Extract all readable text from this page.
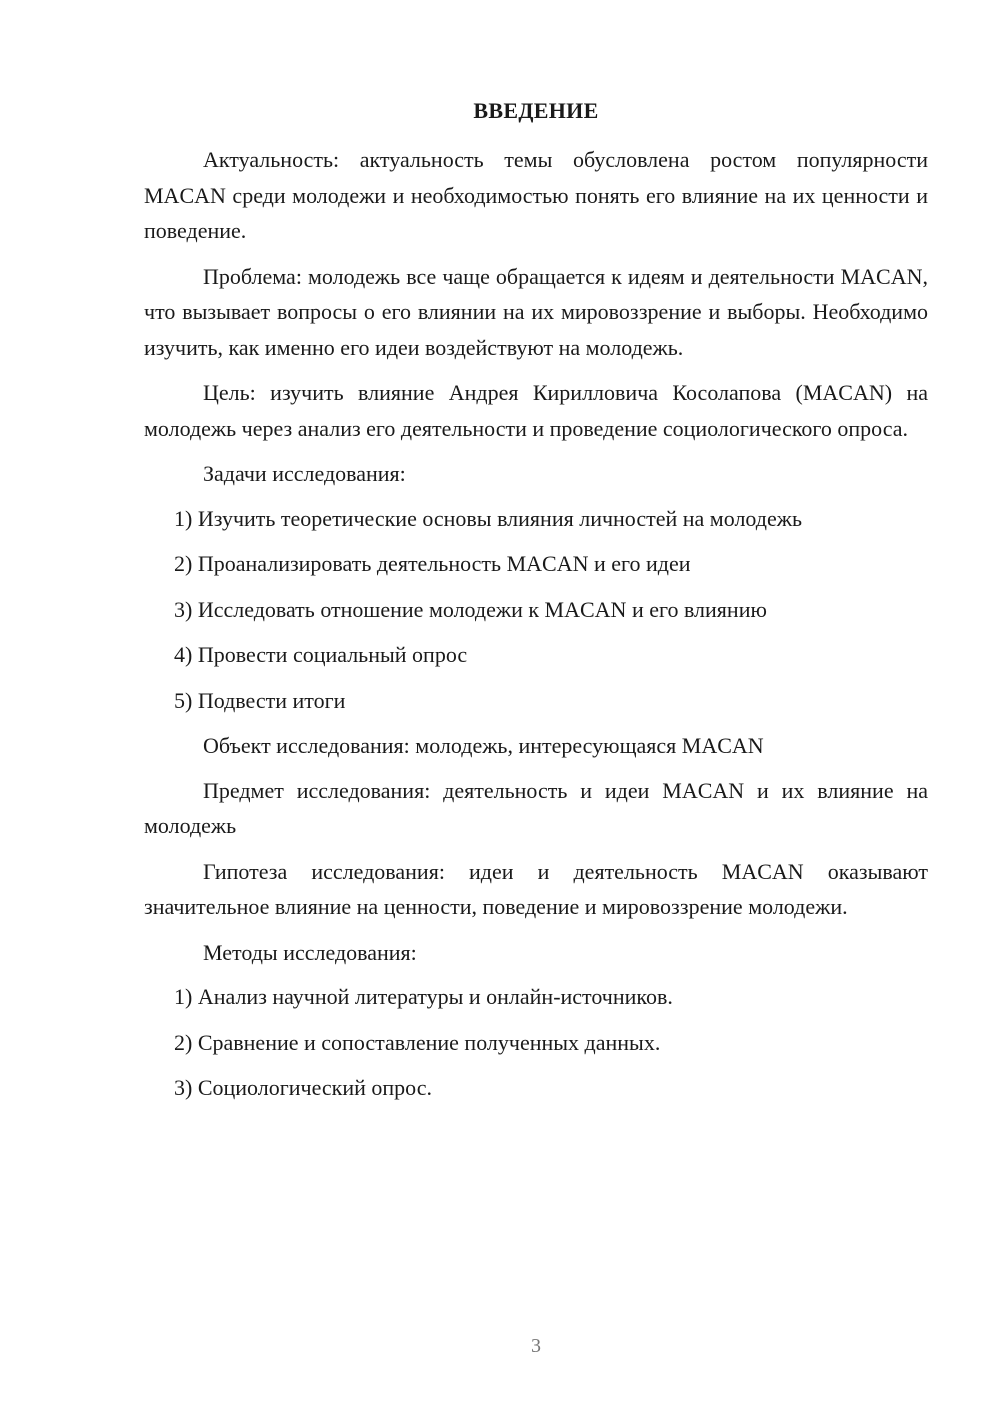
ВВЕДЕНИЕ

Актуальность: актуальность темы обусловлена ростом популярности MACAN среди молодежи и необходимостью понять его влияние на их ценности и поведение.

Проблема: молодежь все чаще обращается к идеям и деятельности MACAN, что вызывает вопросы о его влиянии на их мировоззрение и выборы. Необходимо изучить, как именно его идеи воздействуют на молодежь.

Цель: изучить влияние Андрея Кирилловича Косолапова (MACAN) на молодежь через анализ его деятельности и проведение социологического опроса.

Задачи исследования:

1) Изучить теоретические основы влияния личностей на молодежь
2) Проанализировать деятельность MACAN и его идеи
3) Исследовать отношение молодежи к MACAN и его влиянию
4) Провести социальный опрос
5) Подвести итоги

Объект исследования: молодежь, интересующаяся MACAN

Предмет исследования: деятельность и идеи MACAN и их влияние на молодежь

Гипотеза исследования: идеи и деятельность MACAN оказывают значительное влияние на ценности, поведение и мировоззрение молодежи.

Методы исследования:

1) Анализ научной литературы и онлайн-источников.
2) Сравнение и сопоставление полученных данных.
3) Социологический опрос.
3
